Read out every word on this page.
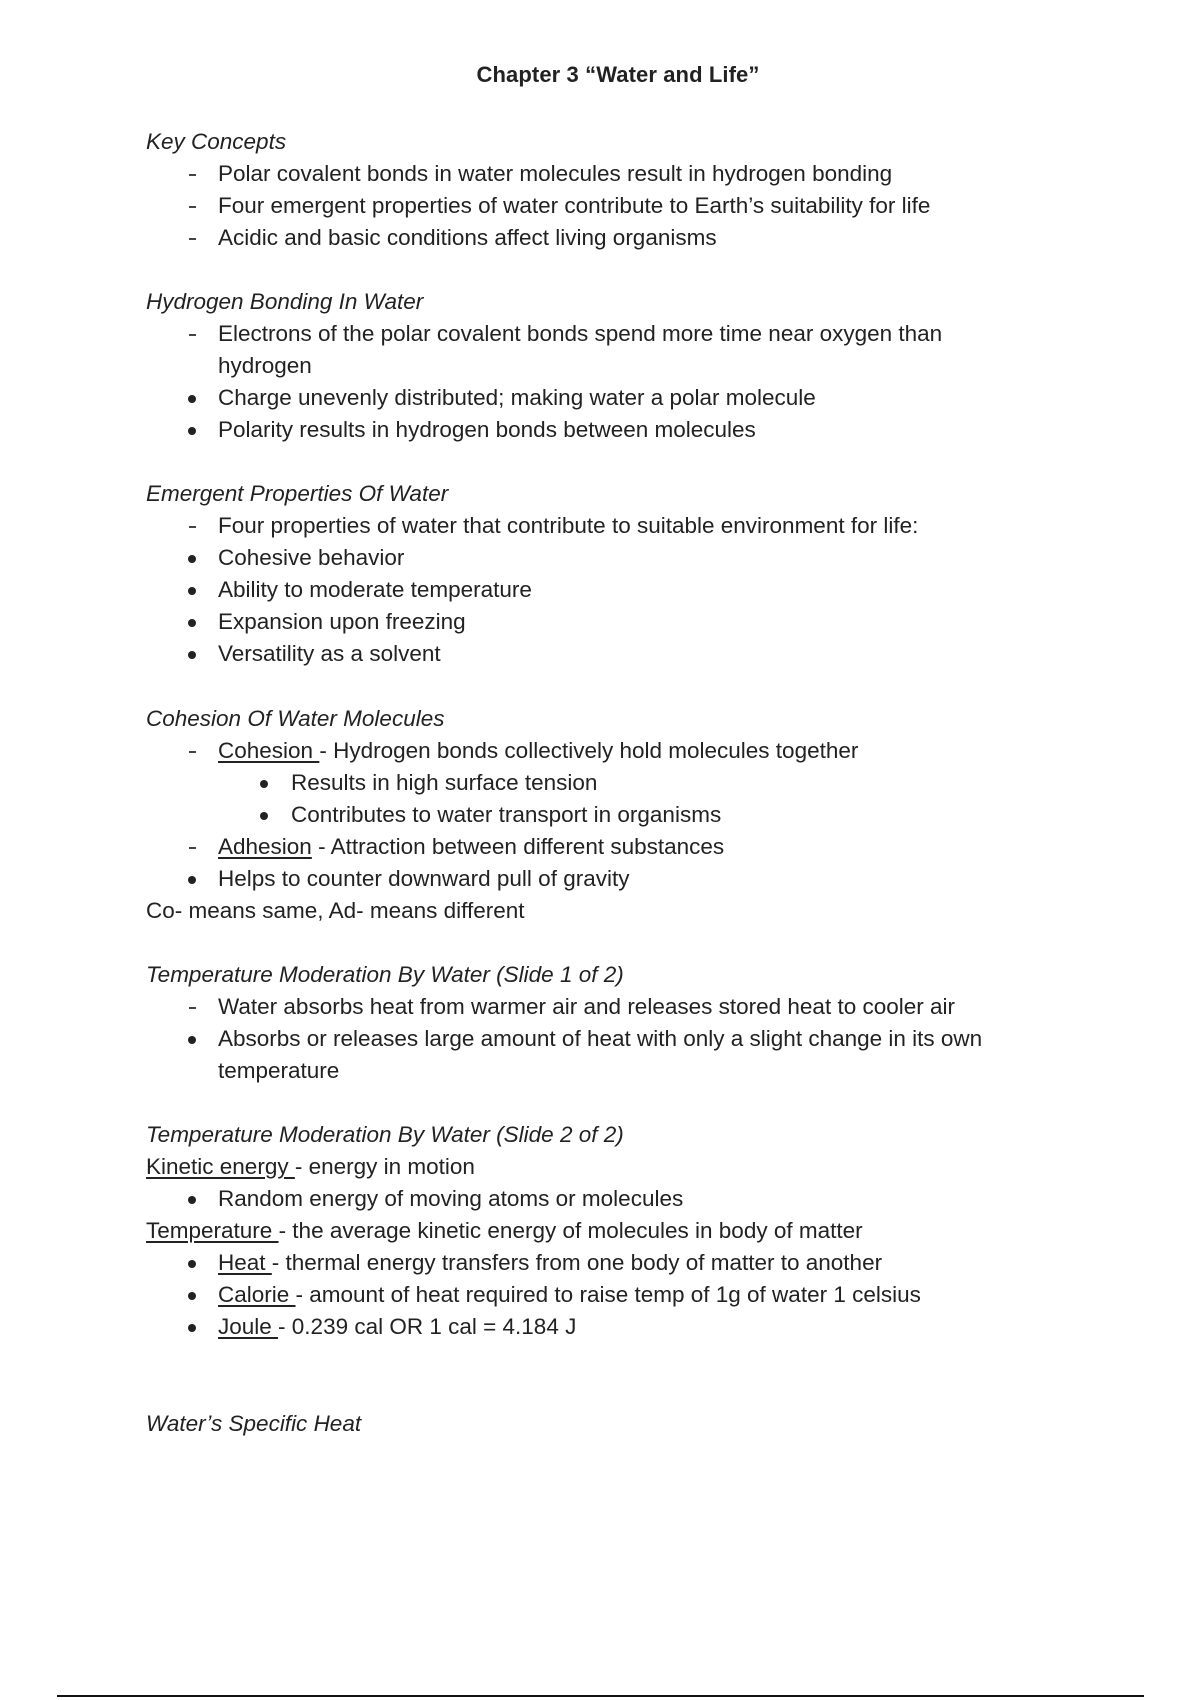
Chapter 3 “Water and Life”
Key Concepts
Polar covalent bonds in water molecules result in hydrogen bonding
Four emergent properties of water contribute to Earth’s suitability for life
Acidic and basic conditions affect living organisms
Hydrogen Bonding In Water
Electrons of the polar covalent bonds spend more time near oxygen than
hydrogen
Charge unevenly distributed; making water a polar molecule
Polarity results in hydrogen bonds between molecules
Emergent Properties Of Water
Four properties of water that contribute to suitable environment for life:
Cohesive behavior
Ability to moderate temperature
Expansion upon freezing
Versatility as a solvent
Cohesion Of Water Molecules
Cohesion - Hydrogen bonds collectively hold molecules together
Results in high surface tension
Contributes to water transport in organisms
Adhesion - Attraction between different substances
Helps to counter downward pull of gravity
Co- means same, Ad- means different
Temperature Moderation By Water (Slide 1 of 2)
Water absorbs heat from warmer air and releases stored heat to cooler air
Absorbs or releases large amount of heat with only a slight change in its own
temperature
Temperature Moderation By Water (Slide 2 of 2)
Kinetic energy - energy in motion
Random energy of moving atoms or molecules
Temperature - the average kinetic energy of molecules in body of matter
Heat - thermal energy transfers from one body of matter to another
Calorie - amount of heat required to raise temp of 1g of water 1 celsius
Joule - 0.239 cal OR 1 cal = 4.184 J
Water’s Specific Heat
